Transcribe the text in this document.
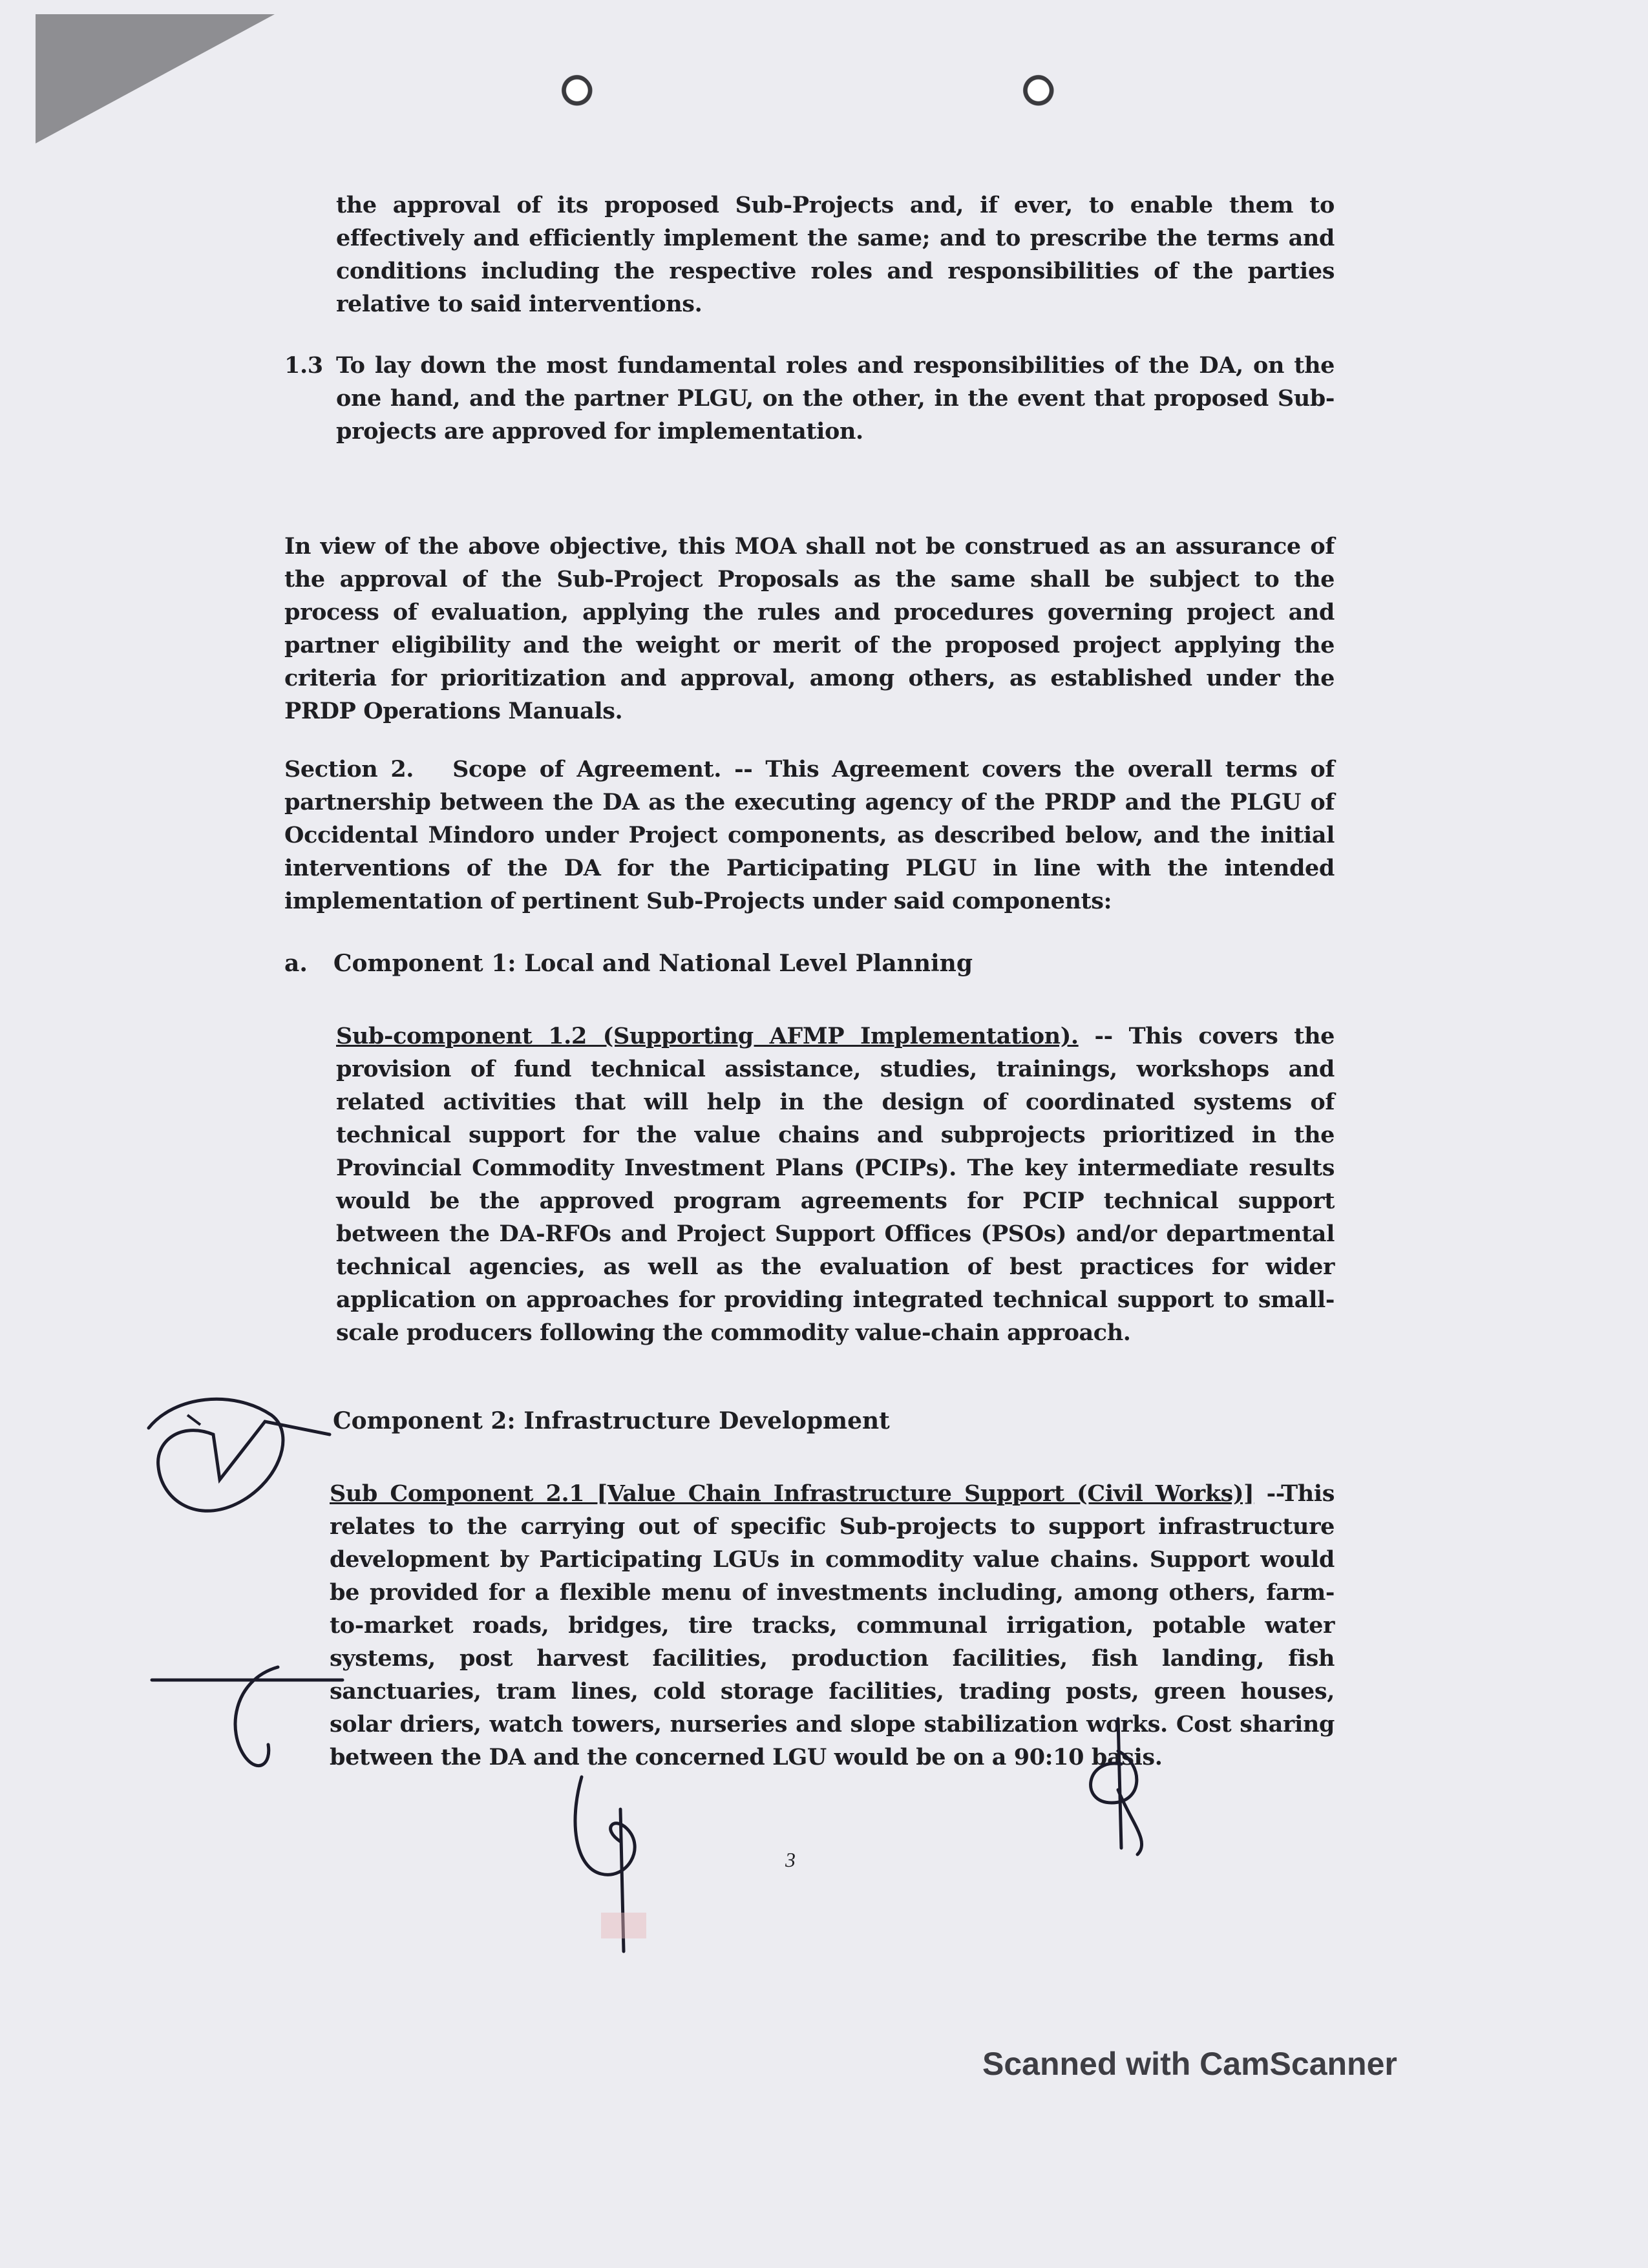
the approval of its proposed Sub-Projects and, if ever, to enable them to effectively and efficiently implement the same; and to prescribe the terms and conditions including the respective roles and responsibilities of the parties relative to said interventions.

1.3 To lay down the most fundamental roles and responsibilities of the DA, on the one hand, and the partner PLGU, on the other, in the event that proposed Sub-projects are approved for implementation.

In view of the above objective, this MOA shall not be construed as an assurance of the approval of the Sub-Project Proposals as the same shall be subject to the process of evaluation, applying the rules and procedures governing project and partner eligibility and the weight or merit of the proposed project applying the criteria for prioritization and approval, among others, as established under the PRDP Operations Manuals.

Section 2. Scope of Agreement. -- This Agreement covers the overall terms of partnership between the DA as the executing agency of the PRDP and the PLGU of Occidental Mindoro under Project components, as described below, and the initial interventions of the DA for the Participating PLGU in line with the intended implementation of pertinent Sub-Projects under said components:

a. Component 1: Local and National Level Planning

Sub-component 1.2 (Supporting AFMP Implementation). -- This covers the provision of fund technical assistance, studies, trainings, workshops and related activities that will help in the design of coordinated systems of technical support for the value chains and subprojects prioritized in the Provincial Commodity Investment Plans (PCIPs). The key intermediate results would be the approved program agreements for PCIP technical support between the DA-RFOs and Project Support Offices (PSOs) and/or departmental technical agencies, as well as the evaluation of best practices for wider application on approaches for providing integrated technical support to small-scale producers following the commodity value-chain approach.

Component 2: Infrastructure Development

Sub Component 2.1 [Value Chain Infrastructure Support (Civil Works)] --This relates to the carrying out of specific Sub-projects to support infrastructure development by Participating LGUs in commodity value chains. Support would be provided for a flexible menu of investments including, among others, farm-to-market roads, bridges, tire tracks, communal irrigation, potable water systems, post harvest facilities, production facilities, fish landing, fish sanctuaries, tram lines, cold storage facilities, trading posts, green houses, solar driers, watch towers, nurseries and slope stabilization works. Cost sharing between the DA and the concerned LGU would be on a 90:10 basis.

3
Scanned with CamScanner
